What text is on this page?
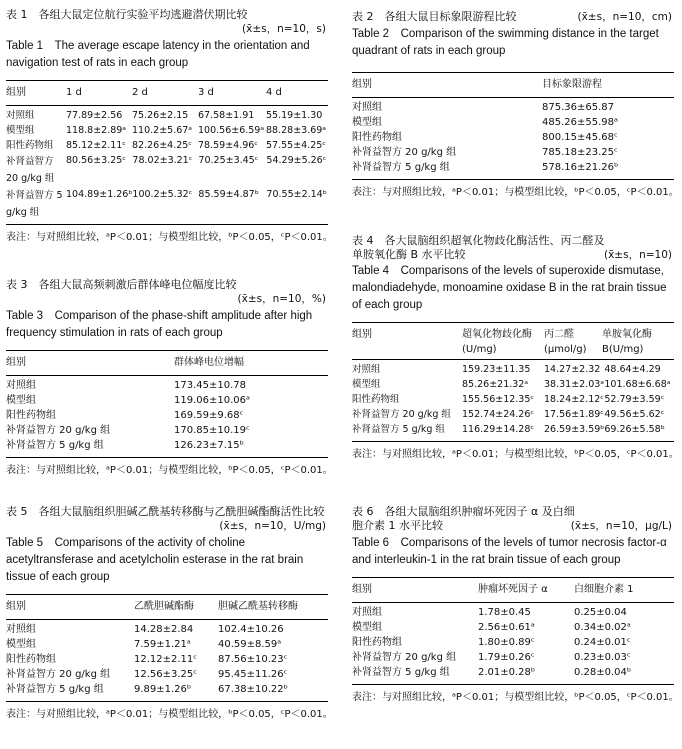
表 1　各组大鼠定位航行实验平均逃避潜伏期比较
(x̄±s，n=10，s)
Table 1　The average escape latency in the orientation and navigation test of rats in each group
组别	1 d	2 d	3 d	4 d
对照组	77.89±2.56	75.26±2.15	67.58±1.91	55.19±1.30
模型组	118.8±2.89ᵃ	110.2±5.67ᵃ	100.56±6.59ᵃ	88.28±3.69ᵃ
阳性药物组	85.12±2.11ᶜ	82.26±4.25ᶜ	78.59±4.96ᶜ	57.55±4.25ᶜ
补肾益智方 20 g/kg 组	80.56±3.25ᶜ	78.02±3.21ᶜ	70.25±3.45ᶜ	54.29±5.26ᶜ
补肾益智方 5 g/kg 组	104.89±1.26ᵇ	100.2±5.32ᶜ	85.59±4.87ᵇ	70.55±2.14ᵇ
表注：与对照组比较，ᵃP＜0.01；与模型组比较，ᵇP＜0.05，ᶜP＜0.01。
表 3　各组大鼠高频刺激后群体峰电位幅度比较
(x̄±s，n=10，%)
Table 3　Comparison of the phase-shift amplitude after high frequency stimulation in rats of each group
组别	群体峰电位增幅
对照组	173.45±10.78
模型组	119.06±10.06ᵃ
阳性药物组	169.59±9.68ᶜ
补肾益智方 20 g/kg 组	170.85±10.19ᶜ
补肾益智方 5 g/kg 组	126.23±7.15ᵇ
表注：与对照组比较，ᵃP＜0.01；与模型组比较，ᵇP＜0.05，ᶜP＜0.01。
表 5　各组大鼠脑组织胆碱乙酰基转移酶与乙酰胆碱酯酶活性比较
(x̄±s，n=10，U/mg)
Table 5　Comparisons of the activity of choline acetyltransferase and acetylcholin esterase in the rat brain tissue of each group
组别	乙酰胆碱酯酶	胆碱乙酰基转移酶
对照组	14.28±2.84	102.4±10.26
模型组	7.59±1.21ᵃ	40.59±8.59ᵃ
阳性药物组	12.12±2.11ᶜ	87.56±10.23ᶜ
补肾益智方 20 g/kg 组	12.56±3.25ᶜ	95.45±11.26ᶜ
补肾益智方 5 g/kg 组	9.89±1.26ᵇ	67.38±10.22ᵇ
表注：与对照组比较，ᵃP＜0.01；与模型组比较，ᵇP＜0.05，ᶜP＜0.01。
表 2　各组大鼠目标象限游程比较	(x̄±s，n=10，cm)
Table 2　Comparison of the swimming distance in the target quadrant of rats in each group
组别	目标象限游程
对照组	875.36±65.87
模型组	485.26±55.98ᵃ
阳性药物组	800.15±45.68ᶜ
补肾益智方 20 g/kg 组	785.18±23.25ᶜ
补肾益智方 5 g/kg 组	578.16±21.26ᵇ
表注：与对照组比较，ᵃP＜0.01；与模型组比较，ᵇP＜0.05，ᶜP＜0.01。
表 4　各大鼠脑组织超氧化物歧化酶活性、丙二醛及单胺氧化酶 B 水平比较	(x̄±s，n=10)
Table 4　Comparisons of the levels of superoxide dismutase, malondiadehyde, monoamine oxidase B in the rat brain tissue of each group
组别	超氧化物歧化酶 (U/mg)	丙二醛 (μmol/g)	单胺氧化酶 B(U/mg)
对照组	159.23±11.35	14.27±2.32	48.64±4.29
模型组	85.26±21.32ᵃ	38.31±2.03ᵃ	101.68±6.68ᵃ
阳性药物组	155.56±12.35ᶜ	18.24±2.12ᶜ	52.79±3.59ᶜ
补肾益智方 20 g/kg 组	152.74±24.26ᶜ	17.56±1.89ᶜ	49.56±5.62ᶜ
补肾益智方 5 g/kg 组	116.29±14.28ᶜ	26.59±3.59ᵇ	69.26±5.58ᵇ
表注：与对照组比较，ᵃP＜0.01；与模型组比较，ᵇP＜0.05，ᶜP＜0.01。
表 6　各组大鼠脑组织肿瘤坏死因子 α 及白细胞介素 1 水平比较	(x̄±s，n=10，μg/L)
Table 6　Comparisons of the levels of tumor necrosis factor-α and interleukin-1 in the rat brain tissue of each group
组别	肿瘤坏死因子 α	白细胞介素 1
对照组	1.78±0.45	0.25±0.04
模型组	2.56±0.61ᵃ	0.34±0.02ᵃ
阳性药物组	1.80±0.89ᶜ	0.24±0.01ᶜ
补肾益智方 20 g/kg 组	1.79±0.26ᶜ	0.23±0.03ᶜ
补肾益智方 5 g/kg 组	2.01±0.28ᵇ	0.28±0.04ᵇ
表注：与对照组比较，ᵃP＜0.01；与模型组比较，ᵇP＜0.05，ᶜP＜0.01。
